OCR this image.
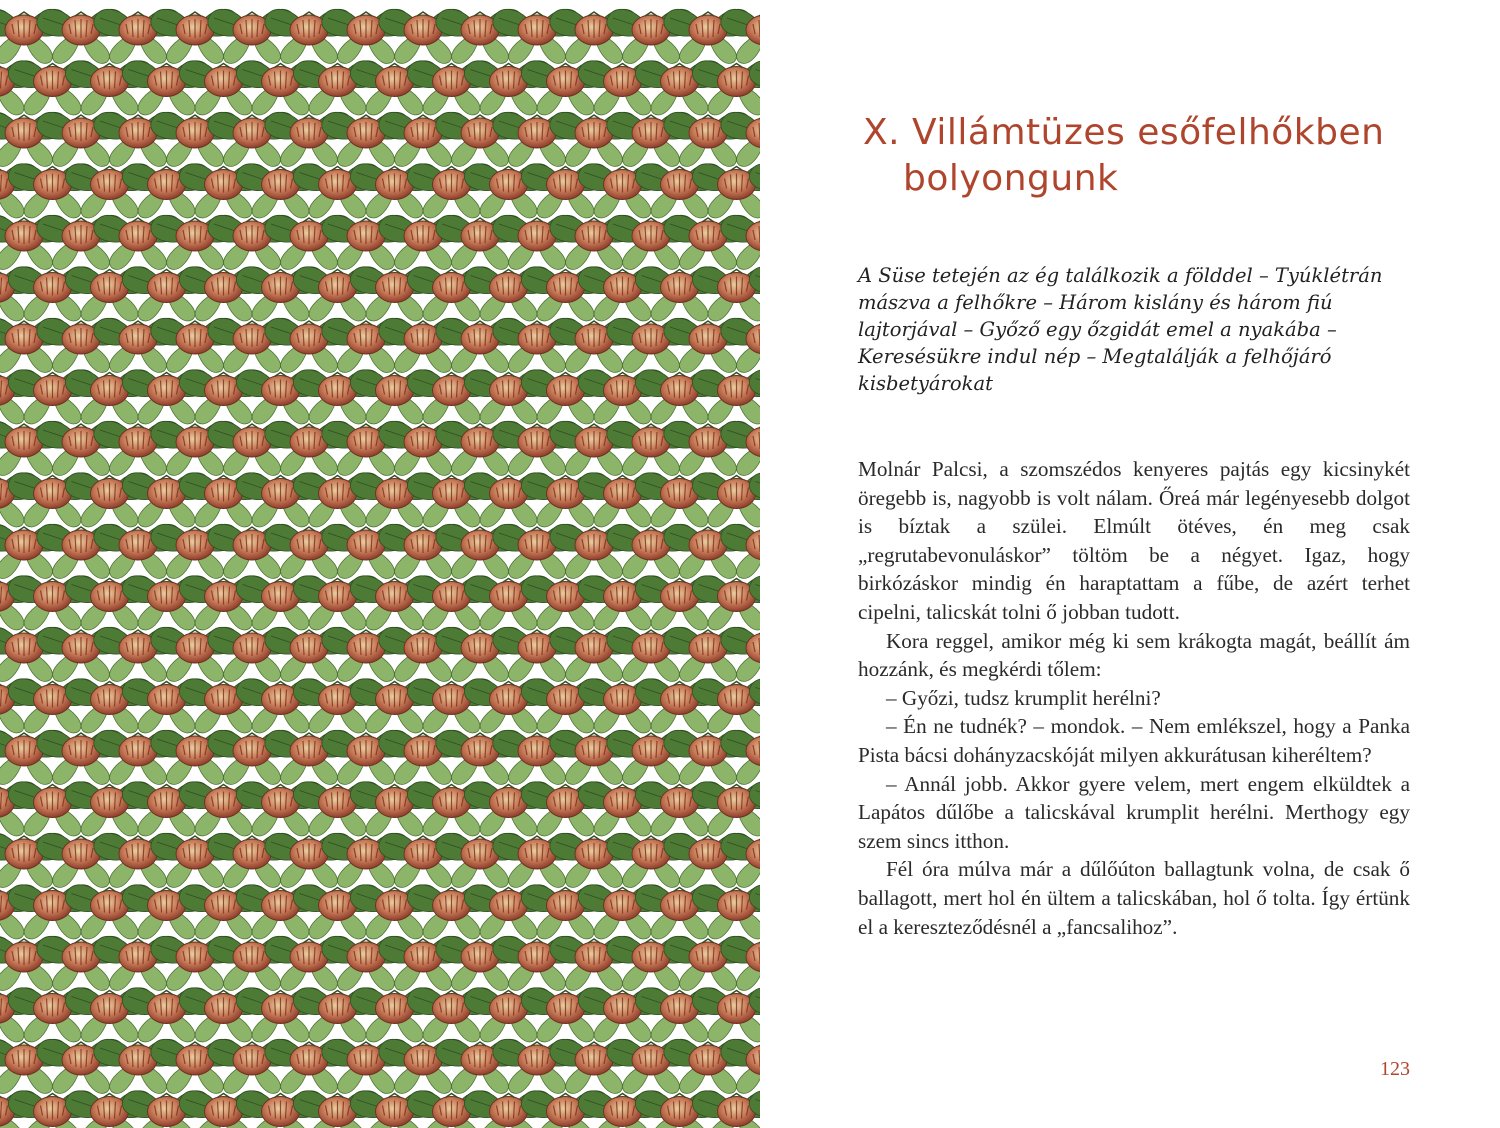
X. Villámtüzes esőfelhőkben
bolyongunk

A Süse tetején az ég találkozik a földdel – Tyúklétrán mászva a felhőkre – Három kislány és három fiú lajtorjával – Győző egy őzgidát emel a nyakába – Keresésükre indul nép – Megtalálják a felhőjáró kisbetyárokat

Molnár Palcsi, a szomszédos kenyeres pajtás egy kicsinykét öregebb is, nagyobb is volt nálam. Őreá már legényesebb dolgot is bíztak a szülei. Elmúlt ötéves, én meg csak „regrutabevonuláskor” töltöm be a négyet. Igaz, hogy birkózáskor mindig én haraptattam a fűbe, de azért terhet cipelni, talicskát tolni ő jobban tudott.

Kora reggel, amikor még ki sem krákogta magát, beállít ám hozzánk, és megkérdi tőlem:

– Győzi, tudsz krumplit herélni?

– Én ne tudnék? – mondok. – Nem emlékszel, hogy a Panka Pista bácsi dohányzacskóját milyen akkurátusan kiheréltem?

– Annál jobb. Akkor gyere velem, mert engem elküldtek a Lapátos dűlőbe a talicskával krumplit herélni. Merthogy egy szem sincs itthon.

Fél óra múlva már a dűlőúton ballagtunk volna, de csak ő ballagott, mert hol én ültem a talicskában, hol ő tolta. Így értünk el a kereszteződésnél a „fancsalihoz”.

123
